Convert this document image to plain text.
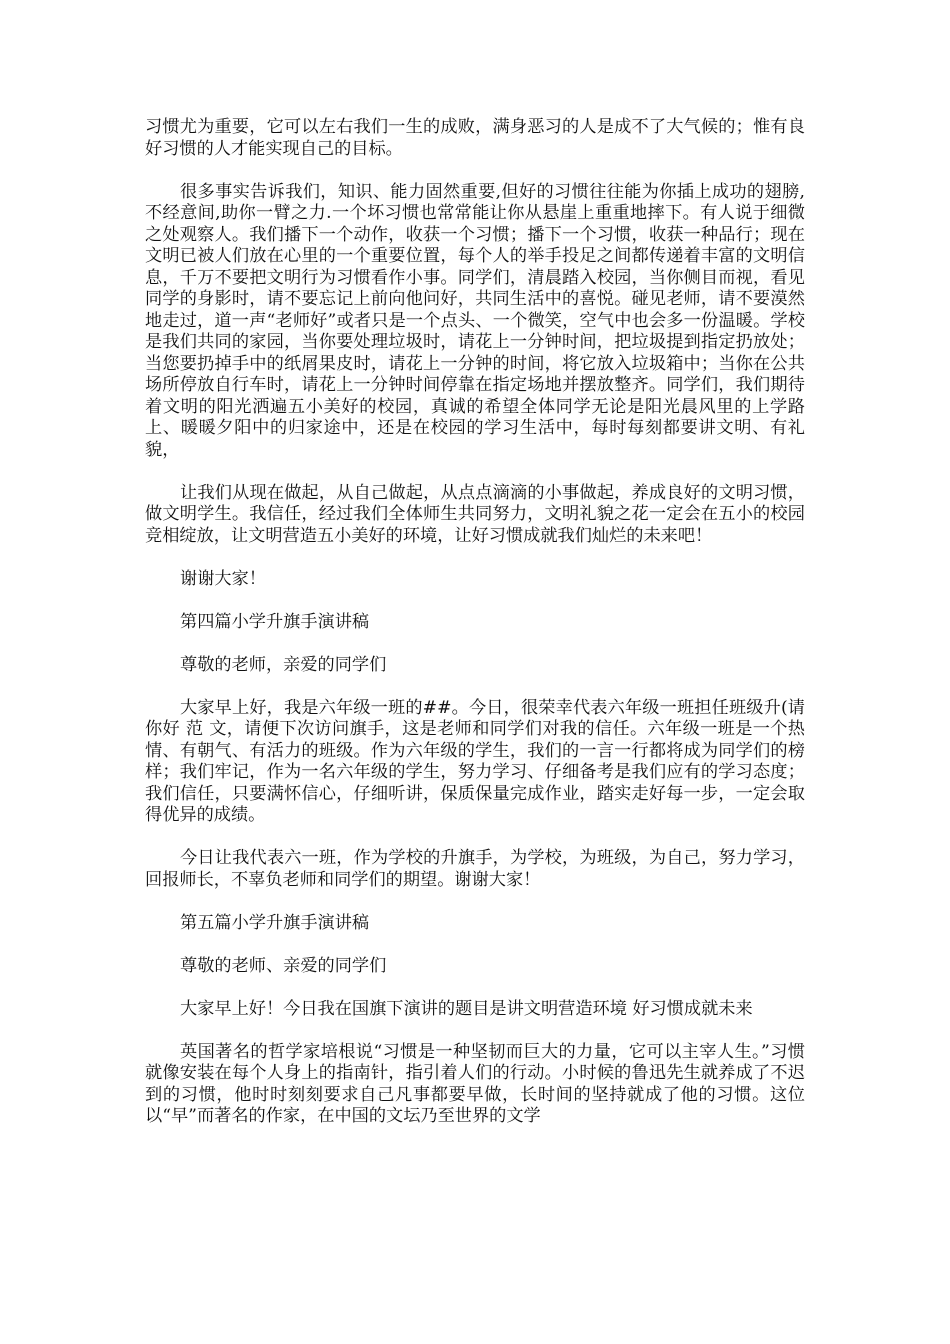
习惯尤为重要，它可以左右我们一生的成败，满身恶习的人是成不了大气候的；惟有良好习惯的人才能实现自己的目标。

很多事实告诉我们，知识、能力固然重要,但好的习惯往往能为你插上成功的翅膀,不经意间,助你一臂之力.一个坏习惯也常常能让你从悬崖上重重地摔下。有人说于细微之处观察人。我们播下一个动作，收获一个习惯；播下一个习惯，收获一种品行；现在文明已被人们放在心里的一个重要位置，每个人的举手投足之间都传递着丰富的文明信息，千万不要把文明行为习惯看作小事。同学们，清晨踏入校园，当你侧目而视，看见同学的身影时，请不要忘记上前向他问好，共同生活中的喜悦。碰见老师，请不要漠然地走过，道一声“老师好”或者只是一个点头、一个微笑，空气中也会多一份温暖。学校是我们共同的家园，当你要处理垃圾时，请花上一分钟时间，把垃圾提到指定扔放处；当您要扔掉手中的纸屑果皮时，请花上一分钟的时间，将它放入垃圾箱中；当你在公共场所停放自行车时，请花上一分钟时间停靠在指定场地并摆放整齐。同学们，我们期待着文明的阳光洒遍五小美好的校园，真诚的希望全体同学无论是阳光晨风里的上学路上、暖暖夕阳中的归家途中，还是在校园的学习生活中，每时每刻都要讲文明、有礼貌，

让我们从现在做起，从自己做起，从点点滴滴的小事做起，养成良好的文明习惯，做文明学生。我信任，经过我们全体师生共同努力，文明礼貌之花一定会在五小的校园竞相绽放，让文明营造五小美好的环境，让好习惯成就我们灿烂的未来吧！

谢谢大家！

第四篇小学升旗手演讲稿

尊敬的老师，亲爱的同学们

大家早上好，我是六年级一班的##。今日，很荣幸代表六年级一班担任班级升(请你好 范 文，请便下次访问旗手，这是老师和同学们对我的信任。六年级一班是一个热情、有朝气、有活力的班级。作为六年级的学生，我们的一言一行都将成为同学们的榜样；我们牢记，作为一名六年级的学生，努力学习、仔细备考是我们应有的学习态度；我们信任，只要满怀信心，仔细听讲，保质保量完成作业，踏实走好每一步，一定会取得优异的成绩。

今日让我代表六一班，作为学校的升旗手，为学校，为班级，为自己，努力学习，回报师长，不辜负老师和同学们的期望。谢谢大家！

第五篇小学升旗手演讲稿

尊敬的老师、亲爱的同学们

大家早上好！今日我在国旗下演讲的题目是讲文明营造环境 好习惯成就未来

英国著名的哲学家培根说“习惯是一种坚韧而巨大的力量，它可以主宰人生。”习惯就像安装在每个人身上的指南针，指引着人们的行动。小时候的鲁迅先生就养成了不迟到的习惯，他时时刻刻要求自己凡事都要早做，长时间的坚持就成了他的习惯。这位以“早”而著名的作家，在中国的文坛乃至世界的文学
